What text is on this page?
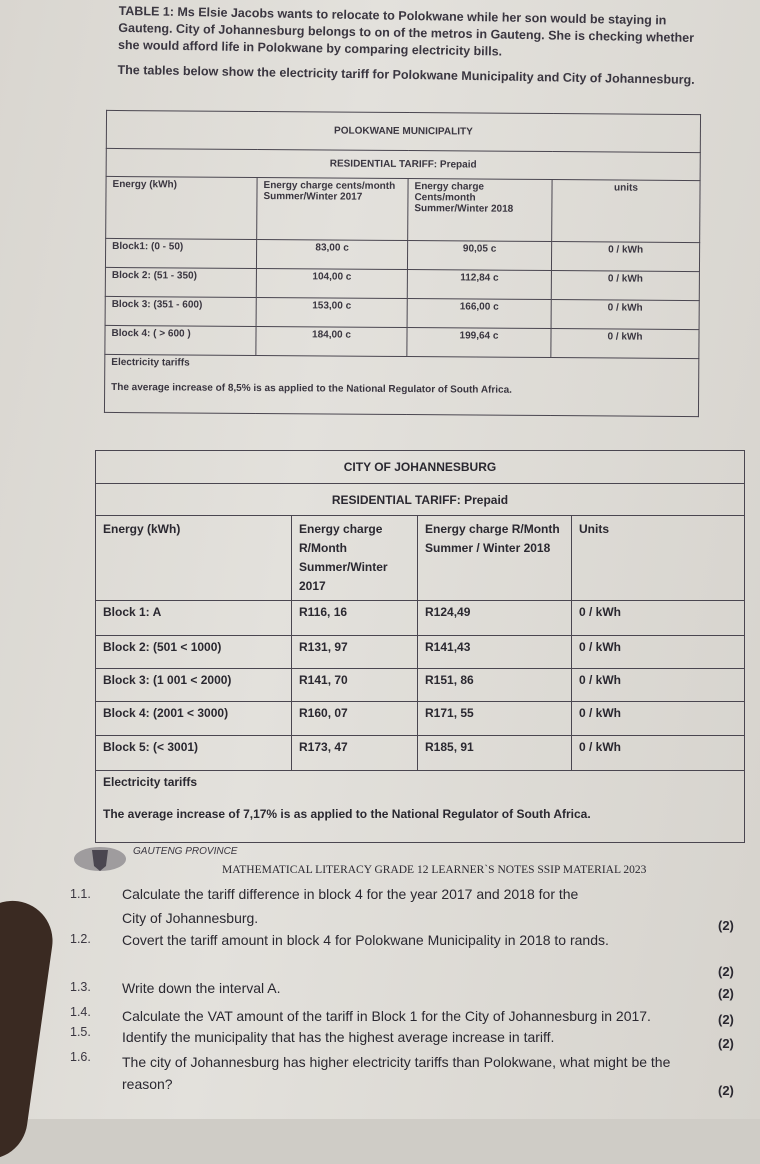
TABLE 1: Ms Elsie Jacobs wants to relocate to Polokwane while her son would be staying in Gauteng. City of Johannesburg belongs to on of the metros in Gauteng. She is checking whether she would afford life in Polokwane by comparing electricity bills.

The tables below show the electricity tariff for Polokwane Municipality and City of Johannesburg.

POLOKWANE MUNICIPALITY			
RESIDENTIAL TARIFF: Prepaid			
Energy (kWh)	Energy charge cents/month Summer/Winter 2017	Energy charge Cents/month Summer/Winter 2018	units
Block1: (0 - 50)	83,00 c	90,05 c	0 / kWh
Block 2: (51 - 350)	104,00 c	112,84 c	0 / kWh
Block 3: (351 - 600)	153,00 c	166,00 c	0 / kWh
Block 4: ( > 600 )	184,00 c	199,64 c	0 / kWh

Electricity tariffs
The average increase of 8,5% is as applied to the National Regulator of South Africa.			
CITY OF JOHANNESBURG			
RESIDENTIAL TARIFF: Prepaid			
Energy (kWh)	Energy charge R/Month Summer/Winter 2017	Energy charge R/Month Summer / Winter 2018	Units
Block 1: A	R116, 16	R124,49	0 / kWh
Block 2: (501 < 1000)	R131, 97	R141,43	0 / kWh
Block 3: (1 001 < 2000)	R141, 70	R151, 86	0 / kWh
Block 4: (2001 < 3000)	R160, 07	R171, 55	0 / kWh
Block 5: (< 3001)	R173, 47	R185, 91	0 / kWh

Electricity tariffs
The average increase of 7,17% is as applied to the National Regulator of South Africa.			
GAUTENG PROVINCE
MATHEMATICAL LITERACY GRADE 12 LEARNER`S NOTES SSIP MATERIAL 2023
1.1. Calculate the tariff difference in block 4 for the year 2017 and 2018 for the
City of Johannesburg.	(2)
1.2. Covert the tariff amount in block 4 for Polokwane Municipality in 2018 to rands.
(2)
1.3. Write down the interval A.	(2)
1.4. Calculate the VAT amount of the tariff in Block 1 for the City of Johannesburg in 2017.	(2)
1.5. Identify the municipality that has the highest average increase in tariff.	(2)
1.6. The city of Johannesburg has higher electricity tariffs than Polokwane, what might be the
reason?	(2)
